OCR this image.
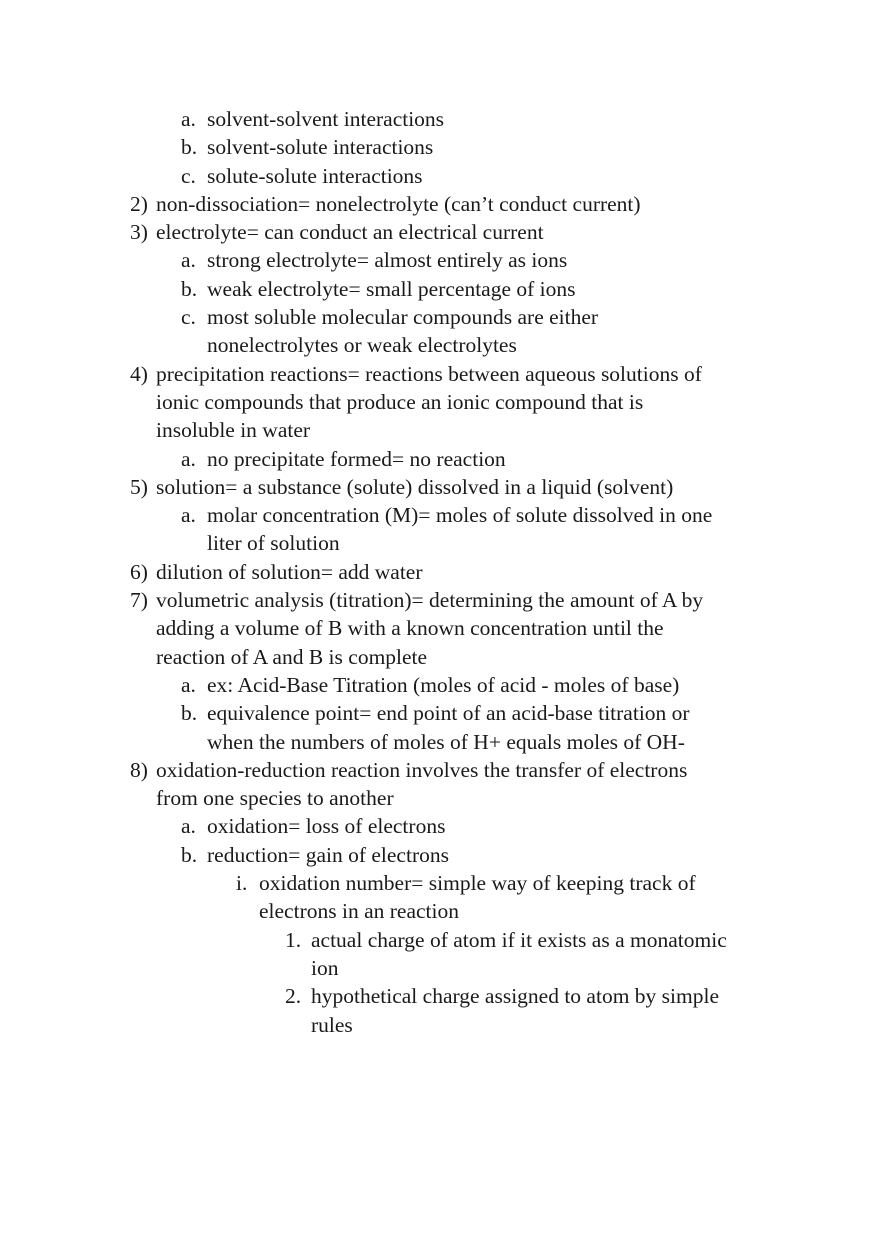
a. solvent-solvent interactions
b. solvent-solute interactions
c. solute-solute interactions
2) non-dissociation= nonelectrolyte (can’t conduct current)
3) electrolyte= can conduct an electrical current
a. strong electrolyte= almost entirely as ions
b. weak electrolyte= small percentage of ions
c. most soluble molecular compounds are either
nonelectrolytes or weak electrolytes
4) precipitation reactions= reactions between aqueous solutions of
ionic compounds that produce an ionic compound that is
insoluble in water
a. no precipitate formed= no reaction
5) solution= a substance (solute) dissolved in a liquid (solvent)
a. molar concentration (M)= moles of solute dissolved in one
liter of solution
6) dilution of solution= add water
7) volumetric analysis (titration)= determining the amount of A by
adding a volume of B with a known concentration until the
reaction of A and B is complete
a. ex: Acid-Base Titration (moles of acid - moles of base)
b. equivalence point= end point of an acid-base titration or
when the numbers of moles of H+ equals moles of OH-
8) oxidation-reduction reaction involves the transfer of electrons
from one species to another
a. oxidation= loss of electrons
b. reduction= gain of electrons
i. oxidation number= simple way of keeping track of
electrons in an reaction
1. actual charge of atom if it exists as a monatomic
ion
2. hypothetical charge assigned to atom by simple
rules
